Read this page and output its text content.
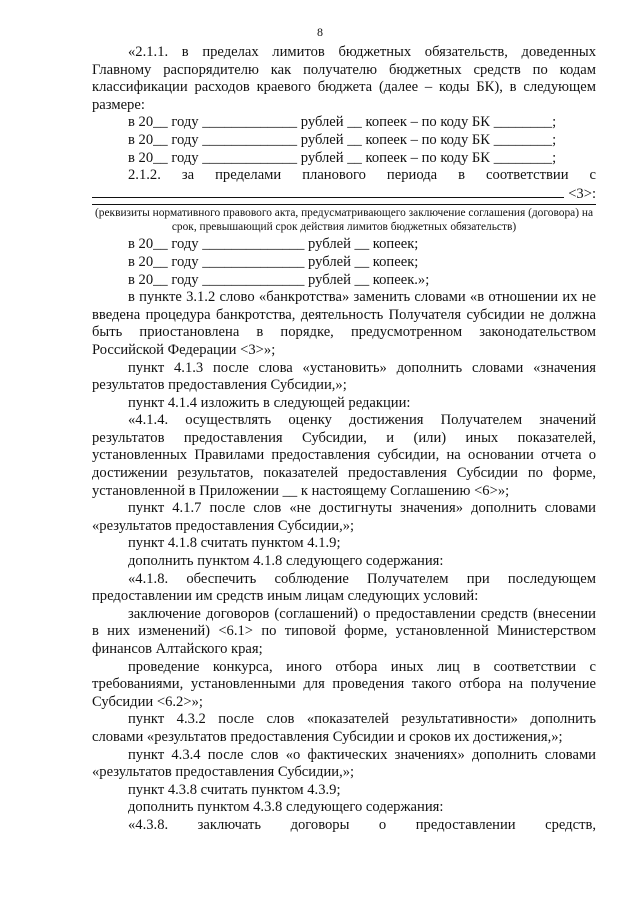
8

«2.1.1. в пределах лимитов бюджетных обязательств, доведенных Главному распорядителю как получателю бюджетных средств по кодам классификации расходов краевого бюджета (далее – коды БК), в следующем размере:

в 20__ году _____________ рублей __ копеек – по коду БК ________;

в 20__ году _____________ рублей __ копеек – по коду БК ________;

в 20__ году _____________ рублей __ копеек – по коду БК ________;

2.1.2. за пределами планового периода в соответствии с

<3>:

(реквизиты нормативного правового акта, предусматривающего заключение соглашения (договора) на срок, превышающий срок действия лимитов бюджетных обязательств)

в 20__ году ______________ рублей __ копеек;

в 20__ году ______________ рублей __ копеек;

в 20__ году ______________ рублей __ копеек.»;

в пункте 3.1.2 слово «банкротства» заменить словами «в отношении их не введена процедура банкротства, деятельность Получателя субсидии не должна быть приостановлена в порядке, предусмотренном законодательством Российской Федерации <3>»;

пункт 4.1.3 после слова «установить» дополнить словами «значения результатов предоставления Субсидии,»;

пункт 4.1.4 изложить в следующей редакции:

«4.1.4. осуществлять оценку достижения Получателем значений результатов предоставления Субсидии, и (или) иных показателей, установленных Правилами предоставления субсидии, на основании отчета о достижении результатов, показателей предоставления Субсидии по форме, установленной в Приложении __ к настоящему Соглашению <6>»;

пункт 4.1.7 после слов «не достигнуты значения» дополнить словами «результатов предоставления Субсидии,»;

пункт 4.1.8 считать пунктом 4.1.9;

дополнить пунктом 4.1.8 следующего содержания:

«4.1.8. обеспечить соблюдение Получателем при последующем предоставлении им средств иным лицам следующих условий:

заключение договоров (соглашений) о предоставлении средств (внесении в них изменений) <6.1> по типовой форме, установленной Министерством финансов Алтайского края;

проведение конкурса, иного отбора иных лиц в соответствии с требованиями, установленными для проведения такого отбора на получение Субсидии <6.2>»;

пункт 4.3.2 после слов «показателей результативности» дополнить словами «результатов предоставления Субсидии и сроков их достижения,»;

пункт 4.3.4 после слов «о фактических значениях» дополнить словами «результатов предоставления Субсидии,»;

пункт 4.3.8 считать пунктом 4.3.9;

дополнить пунктом 4.3.8 следующего содержания:

«4.3.8. заключать договоры о предоставлении средств,
